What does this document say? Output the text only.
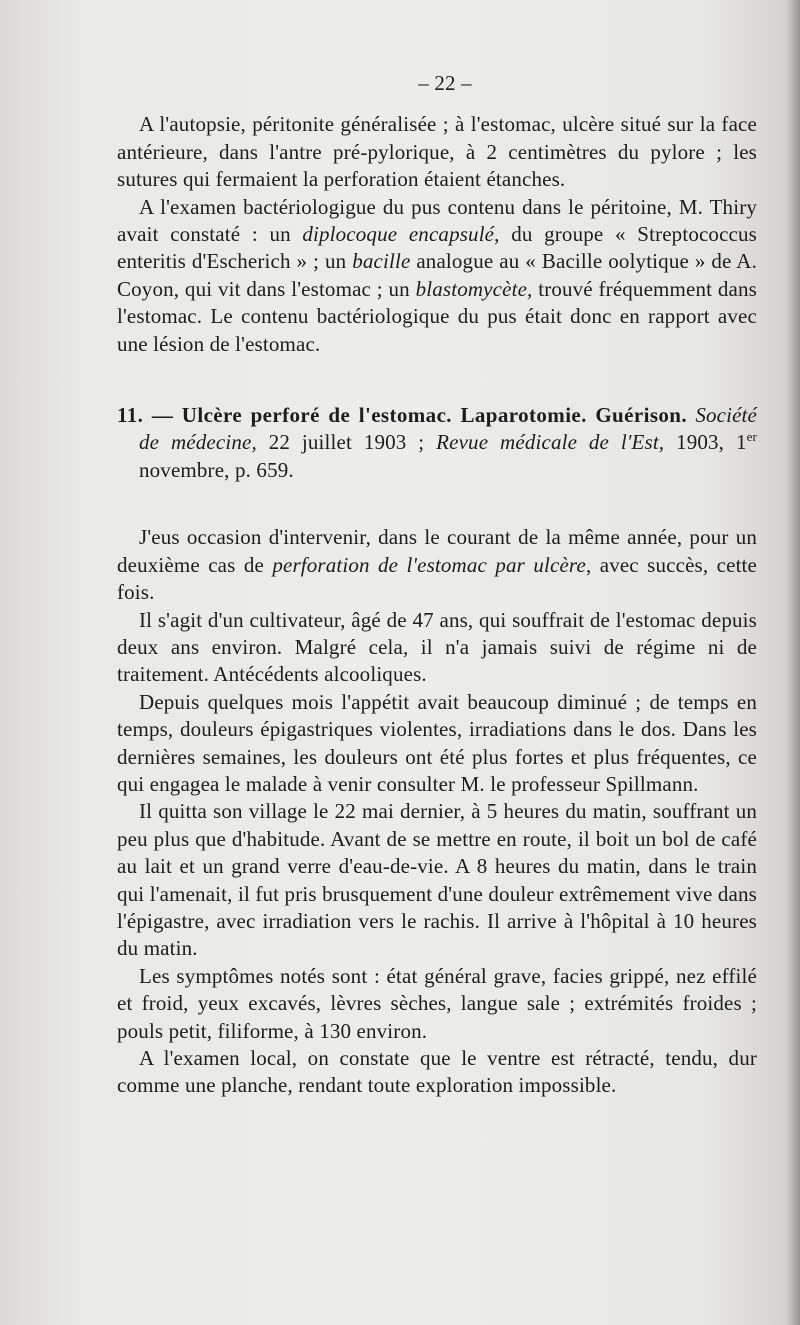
– 22 –

A l'autopsie, péritonite généralisée ; à l'estomac, ulcère situé sur la face antérieure, dans l'antre pré-pylorique, à 2 centimètres du pylore ; les sutures qui fermaient la perforation étaient étanches.

A l'examen bactériologigue du pus contenu dans le péritoine, M. Thiry avait constaté : un diplocoque encapsulé, du groupe « Streptococcus enteritis d'Escherich » ; un bacille analogue au « Bacille oolytique » de A. Coyon, qui vit dans l'estomac ; un blastomycète, trouvé fréquemment dans l'estomac. Le contenu bactériologique du pus était donc en rapport avec une lésion de l'estomac.

11. — Ulcère perforé de l'estomac. Laparotomie. Guérison. Société de médecine, 22 juillet 1903 ; Revue médicale de l'Est, 1903, 1er novembre, p. 659.

J'eus occasion d'intervenir, dans le courant de la même année, pour un deuxième cas de perforation de l'estomac par ulcère, avec succès, cette fois.

Il s'agit d'un cultivateur, âgé de 47 ans, qui souffrait de l'estomac depuis deux ans environ. Malgré cela, il n'a jamais suivi de régime ni de traitement. Antécédents alcooliques.

Depuis quelques mois l'appétit avait beaucoup diminué ; de temps en temps, douleurs épigastriques violentes, irradiations dans le dos. Dans les dernières semaines, les douleurs ont été plus fortes et plus fréquentes, ce qui engagea le malade à venir consulter M. le professeur Spillmann.

Il quitta son village le 22 mai dernier, à 5 heures du matin, souffrant un peu plus que d'habitude. Avant de se mettre en route, il boit un bol de café au lait et un grand verre d'eau-de-vie. A 8 heures du matin, dans le train qui l'amenait, il fut pris brusquement d'une douleur extrêmement vive dans l'épigastre, avec irradiation vers le rachis. Il arrive à l'hôpital à 10 heures du matin.

Les symptômes notés sont : état général grave, facies grippé, nez effilé et froid, yeux excavés, lèvres sèches, langue sale ; extrémités froides ; pouls petit, filiforme, à 130 environ.

A l'examen local, on constate que le ventre est rétracté, tendu, dur comme une planche, rendant toute exploration impossible.
